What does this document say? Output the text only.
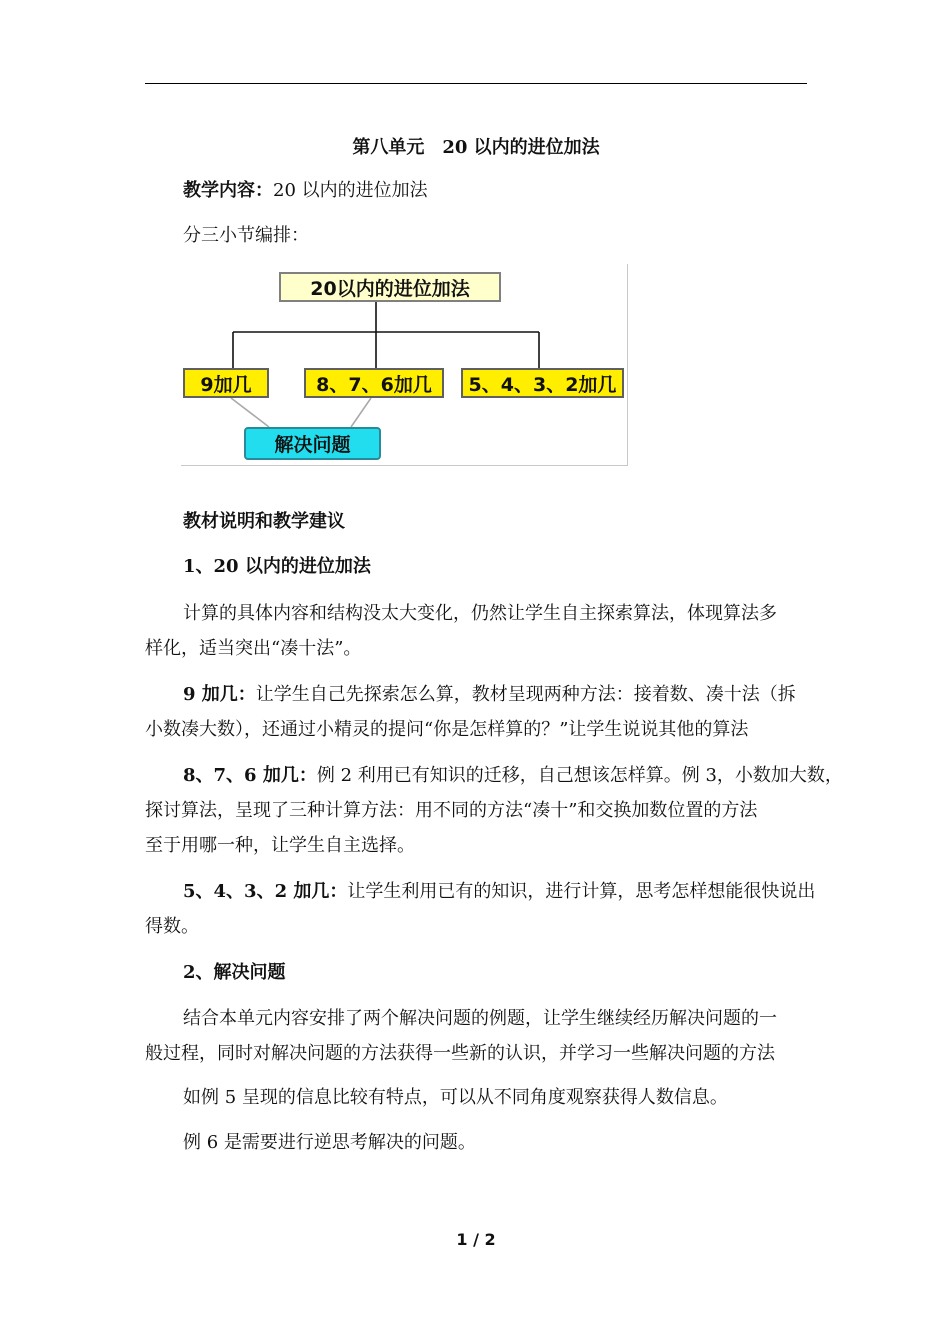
第八单元　20 以内的进位加法
教学内容：20 以内的进位加法
分三小节编排：
20以内的进位加法
9加几	8、7、6加几	5、4、3、2加几
解决问题
教材说明和教学建议
1、20 以内的进位加法
计算的具体内容和结构没太大变化，仍然让学生自主探索算法，体现算法多
样化，适当突出“凑十法”。
9 加几：让学生自己先探索怎么算，教材呈现两种方法：接着数、凑十法（拆
小数凑大数），还通过小精灵的提问“你是怎样算的？”让学生说说其他的算法
8、7、6 加几：例 2 利用已有知识的迁移，自己想该怎样算。例 3，小数加大数，
探讨算法，呈现了三种计算方法：用不同的方法“凑十”和交换加数位置的方法
至于用哪一种，让学生自主选择。
5、4、3、2 加几：让学生利用已有的知识，进行计算，思考怎样想能很快说出
得数。
2、解决问题
结合本单元内容安排了两个解决问题的例题，让学生继续经历解决问题的一
般过程，同时对解决问题的方法获得一些新的认识，并学习一些解决问题的方法
如例 5 呈现的信息比较有特点，可以从不同角度观察获得人数信息。
例 6 是需要进行逆思考解决的问题。
1 / 2
